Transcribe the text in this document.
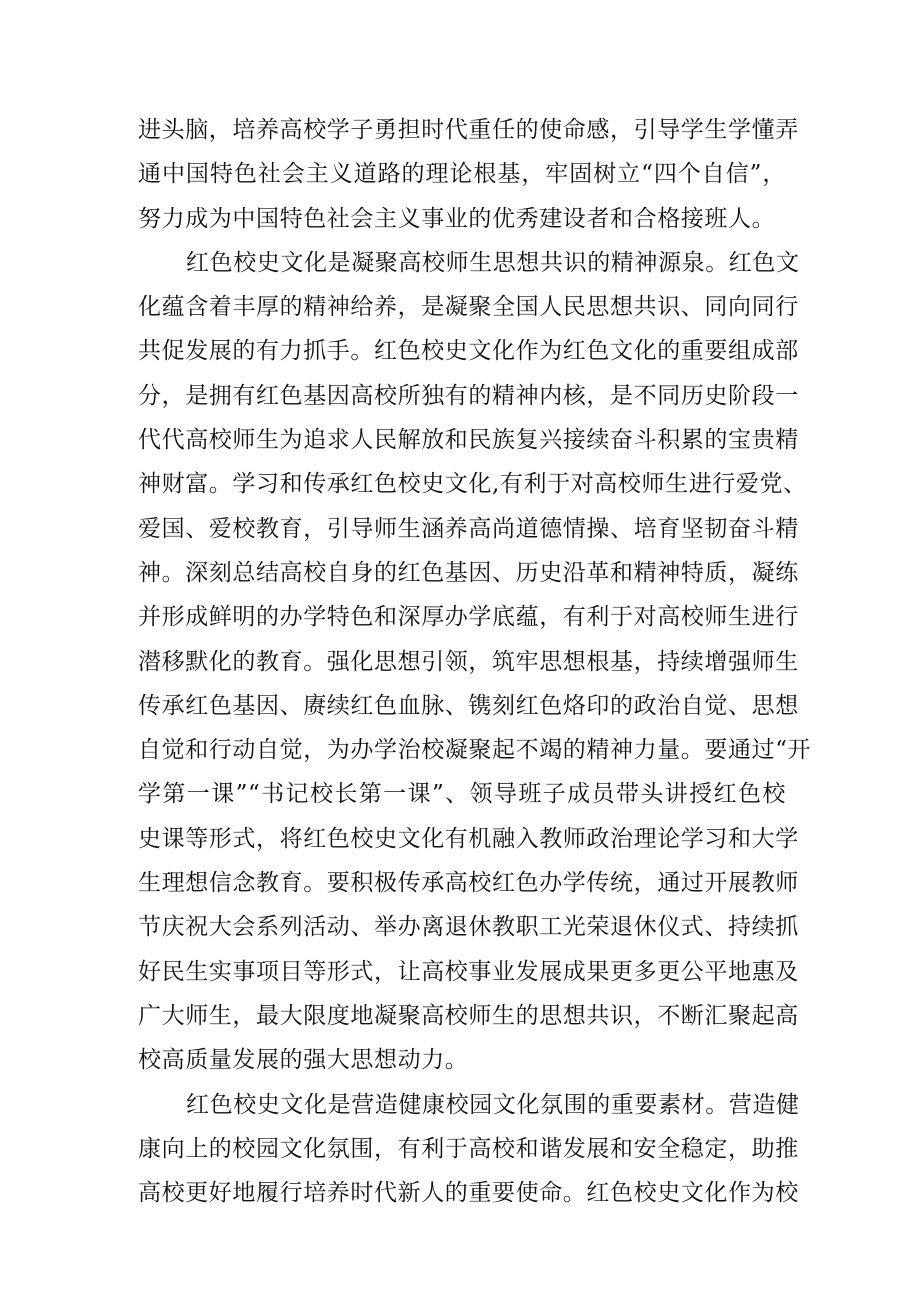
进头脑，培养高校学子勇担时代重任的使命感，引导学生学懂弄
通中国特色社会主义道路的理论根基，牢固树立“四个自信”，
努力成为中国特色社会主义事业的优秀建设者和合格接班人。
红色校史文化是凝聚高校师生思想共识的精神源泉。红色文
化蕴含着丰厚的精神给养，是凝聚全国人民思想共识、同向同行
共促发展的有力抓手。红色校史文化作为红色文化的重要组成部
分，是拥有红色基因高校所独有的精神内核，是不同历史阶段一
代代高校师生为追求人民解放和民族复兴接续奋斗积累的宝贵精
神财富。学习和传承红色校史文化,有利于对高校师生进行爱党、
爱国、爱校教育，引导师生涵养高尚道德情操、培育坚韧奋斗精
神。深刻总结高校自身的红色基因、历史沿革和精神特质，凝练
并形成鲜明的办学特色和深厚办学底蕴，有利于对高校师生进行
潜移默化的教育。强化思想引领，筑牢思想根基，持续增强师生
传承红色基因、赓续红色血脉、镌刻红色烙印的政治自觉、思想
自觉和行动自觉，为办学治校凝聚起不竭的精神力量。要通过“开
学第一课”“书记校长第一课”、领导班子成员带头讲授红色校
史课等形式，将红色校史文化有机融入教师政治理论学习和大学
生理想信念教育。要积极传承高校红色办学传统，通过开展教师
节庆祝大会系列活动、举办离退休教职工光荣退休仪式、持续抓
好民生实事项目等形式，让高校事业发展成果更多更公平地惠及
广大师生，最大限度地凝聚高校师生的思想共识，不断汇聚起高
校高质量发展的强大思想动力。
红色校史文化是营造健康校园文化氛围的重要素材。营造健
康向上的校园文化氛围，有利于高校和谐发展和安全稳定，助推
高校更好地履行培养时代新人的重要使命。红色校史文化作为校
